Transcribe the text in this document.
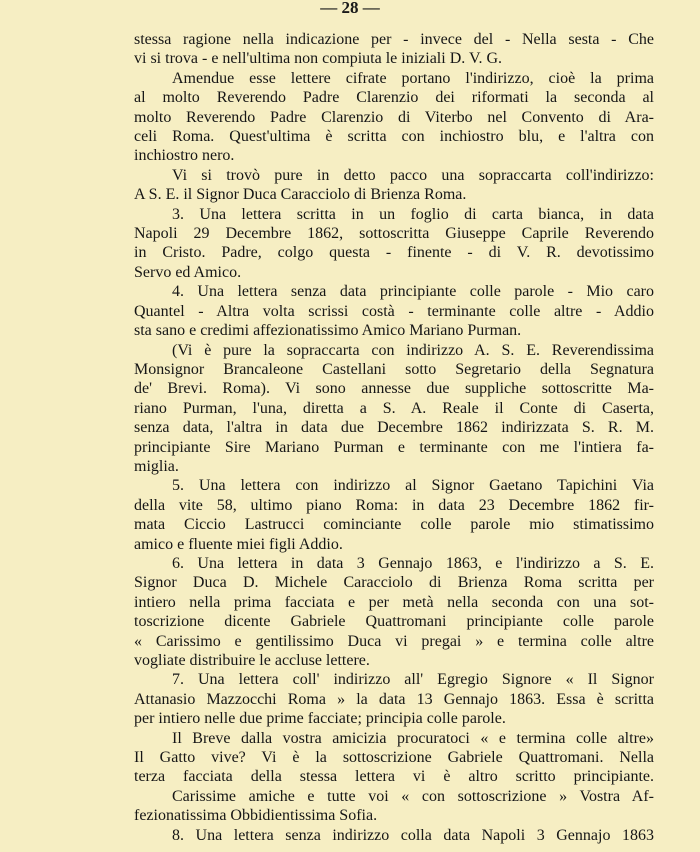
— 28 —
stessa ragione nella indicazione per - invece del - Nella sesta - Che
vi si trova - e nell'ultima non compiuta le iniziali D. V. G.
Amendue esse lettere cifrate portano l'indirizzo, cioè la prima
al molto Reverendo Padre Clarenzio dei riformati la seconda al
molto Reverendo Padre Clarenzio di Viterbo nel Convento di Ara-
celi Roma. Quest'ultima è scritta con inchiostro blu, e l'altra con
inchiostro nero.
Vi si trovò pure in detto pacco una sopraccarta coll'indirizzo:
A S. E. il Signor Duca Caracciolo di Brienza Roma.
3. Una lettera scritta in un foglio di carta bianca, in data
Napoli 29 Decembre 1862, sottoscritta Giuseppe Caprile Reverendo
in Cristo. Padre, colgo questa - finente - di V. R. devotissimo
Servo ed Amico.
4. Una lettera senza data principiante colle parole - Mio caro
Quantel - Altra volta scrissi costà - terminante colle altre - Addio
sta sano e credimi affezionatissimo Amico Mariano Purman.
(Vi è pure la sopraccarta con indirizzo A. S. E. Reverendissima
Monsignor Brancaleone Castellani sotto Segretario della Segnatura
de' Brevi. Roma). Vi sono annesse due suppliche sottoscritte Ma-
riano Purman, l'una, diretta a S. A. Reale il Conte di Caserta,
senza data, l'altra in data due Decembre 1862 indirizzata S. R. M.
principiante Sire Mariano Purman e terminante con me l'intiera fa-
miglia.
5. Una lettera con indirizzo al Signor Gaetano Tapichini Via
della vite 58, ultimo piano Roma: in data 23 Decembre 1862 fir-
mata Ciccio Lastrucci cominciante colle parole mio stimatissimo
amico e fluente miei figli Addio.
6. Una lettera in data 3 Gennajo 1863, e l'indirizzo a S. E.
Signor Duca D. Michele Caracciolo di Brienza Roma scritta per
intiero nella prima facciata e per metà nella seconda con una sot-
toscrizione dicente Gabriele Quattromani principiante colle parole
« Carissimo e gentilissimo Duca vi pregai » e termina colle altre
vogliate distribuire le accluse lettere.
7. Una lettera coll' indirizzo all' Egregio Signore « Il Signor
Attanasio Mazzocchi Roma » la data 13 Gennajo 1863. Essa è scritta
per intiero nelle due prime facciate; principia colle parole.
Il Breve dalla vostra amicizia procuratoci « e termina colle altre»
Il Gatto vive? Vi è la sottoscrizione Gabriele Quattromani. Nella
terza facciata della stessa lettera vi è altro scritto principiante.
Carissime amiche e tutte voi « con sottoscrizione » Vostra Af-
fezionatissima Obbidientissima Sofia.
8. Una lettera senza indirizzo colla data Napoli 3 Gennajo 1863
